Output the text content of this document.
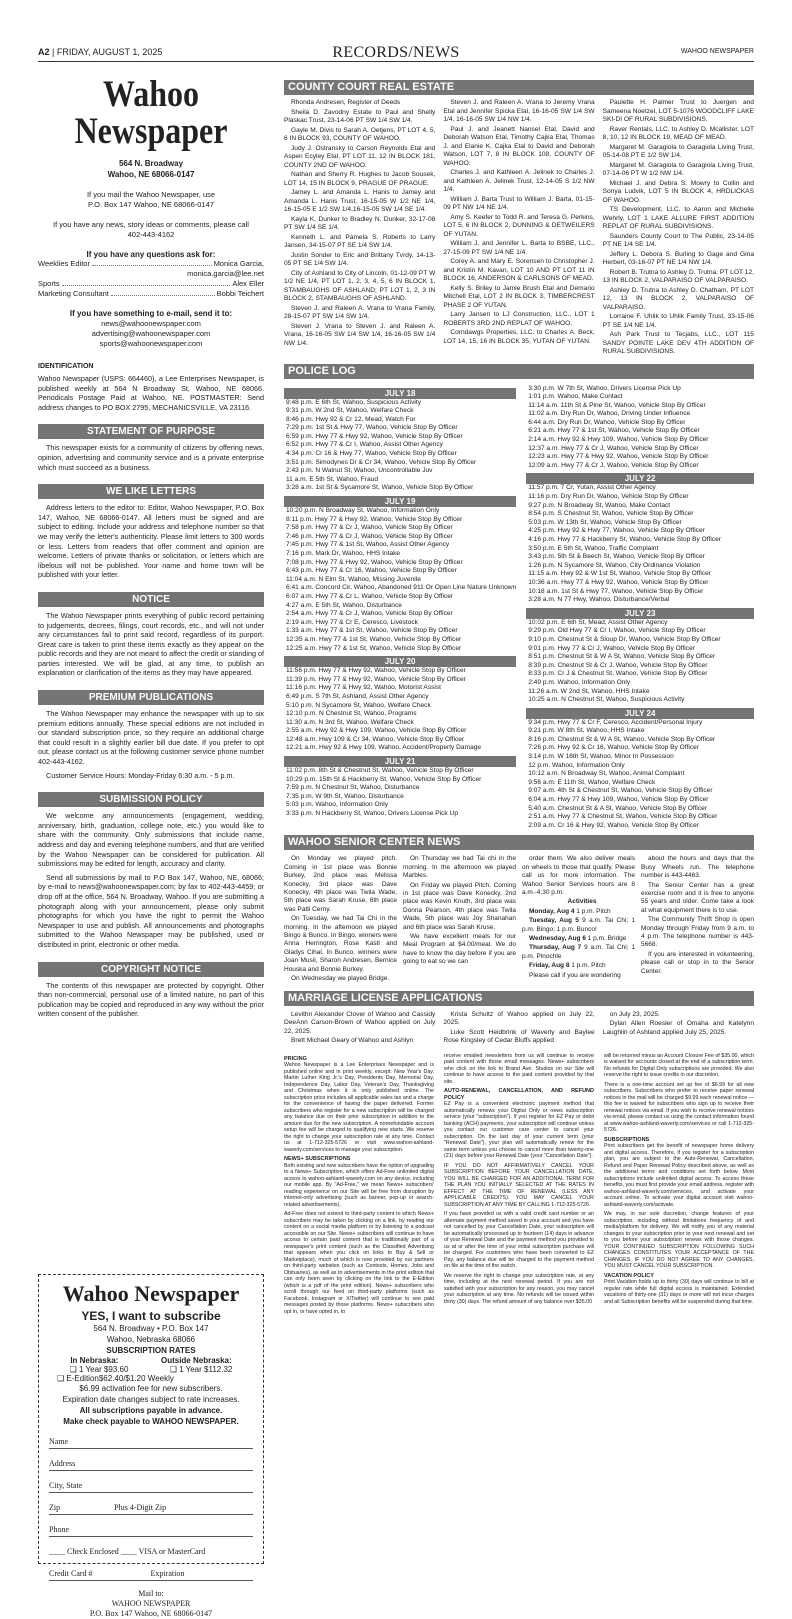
A2 | FRIDAY, AUGUST 1, 2025	RECORDS/NEWS	WAHOO NEWSPAPER
Wahoo Newspaper
564 N. Broadway
Wahoo, NE 68066-0147
If you mail the Wahoo Newspaper, use
P.O. Box 147 Wahoo, NE 68066-0147
If you have any news, story ideas or comments, please call
402-443-4162
If you have any questions ask for:
Weeklies Editor	Monica Garcia,
monica.garcia@lee.net
Sports	Alex Eller
Marketing Consultant	Bobbi Teichert
If you have something to e-mail, send it to:
news@wahoonewspaper.com
advertising@wahoonewspaper.com
sports@wahoonewspaper.com
IDENTIFICATION
Wahoo Newspaper (USPS: 664460), a Lee Enterprises Newspaper, is published weekly at 564 N Broadway St, Wahoo, NE 68066. Periodicals Postage Paid at Wahoo, NE. POSTMASTER: Send address changes to PO BOX 2795, MECHANICSVILLE, VA 23116.
STATEMENT OF PURPOSE
This newspaper exists for a community of citizens by offering news, opinion, advertising and community service and is a private enterprise which must succeed as a business.
WE LIKE LETTERS
Address letters to the editor to: Editor, Wahoo Newspaper, P.O. Box 147, Wahoo, NE 68066-0147. All letters must be signed and are subject to editing. Include your address and telephone number so that we may verify the letter's authenticity. Please limit letters to 300 words or less. Letters from readers that offer comment and opinion are welcome. Letters of private thanks or solicitation, or letters which are libelous will not be published. Your name and home town will be published with your letter.
NOTICE
The Wahoo Newspaper prints everything of public record pertaining to judgements, decrees, filings, court records, etc., and will not under any circumstances fail to print said record, regardless of its purport. Great care is taken to print these items exactly as they appear on the public records and they are not meant to affect the credit or standing of parties interested. We will be glad, at any time, to publish an explanation or clarification of the items as they may have appeared.
PREMIUM PUBLICATIONS
The Wahoo Newspaper may enhance the newspaper with up to six premium editions annually. These special editions are not included in our standard subscription price, so they require an additional charge that could result in a slightly earlier bill due date. If you prefer to opt out, please contact us at the following customer service phone number 402-443-4162.
Customer Service Hours: Monday-Friday 6:30 a.m. - 5 p.m.
SUBMISSION POLICY
We welcome any announcements (engagement, wedding, anniversary, birth, graduation, college note, etc.) you would like to share with the community. Only submissions that include name, address and day and evening telephone numbers, and that are verified by the Wahoo Newspaper can be considered for publication. All submissions may be edited for length, accuracy and clarity.
Send all submissions by mail to P.O Box 147, Wahoo, NE, 68066; by e-mail to news@wahoonewspaper.com; by fax to 402-443-4459; or drop off at the office, 564 N. Broadway, Wahoo. If you are submitting a photograph along with your announcement, please only submit photographs for which you have the right to permit the Wahoo Newspaper to use and publish. All announcements and photographs submitted to the Wahoo Newspaper may be published, used or distributed in print, electronic or other media.
COPYRIGHT NOTICE
The contents of this newspaper are protected by copyright. Other than non-commercial, personal use of a limited nature, no part of this publication may be copied and reproduced in any way without the prior written consent of the publisher.
Wahoo Newspaper
YES, I want to subscribe
564 N. Broadway • P.O. Box 147
Wahoo, Nebraska 68066
SUBSCRIPTION RATES
In Nebraska:	Outside Nebraska:
❑ 1 Year $93.60	❑ 1 Year $112.32
❑ E-Edition$62.40/$1.20 Weekly
$6.99 activation fee for new subscribers.
Expiration date changes subject to rate increases.
All subscriptions payable in advance.
Make check payable to WAHOO NEWSPAPER.
Name
Address
City, State
Zip	Plus 4-Digit Zip
Phone
____ Check Enclosed ____ VISA or MasterCard
Credit Card #	Expiration
Mail to:
WAHOO NEWSPAPER
P.O. Box 147 Wahoo, NE 68066-0147
COUNTY COURT REAL ESTATE

Rhonda Andresen, Register of Deeds

Sheila D. Zavodny Estate to Paul and Shelly Plaskac Trust, 23-14-06 PT SW 1/4 SW 1/4.

Gayle M. Divis to Sarah A. Oetjens, PT LOT 4, 5, 6 IN BLOCK 93, COUNTY OF WAHOO.

Judy J. Ostransky to Carson Reynolds Etal and Aspen Ecyley Etal, PT LOT 11, 12 IN BLOCK 181, COUNTY 2ND OF WAHOO.

Nathan and Sherry R. Hughes to Jacob Sousek, LOT 14, 15 IN BLOCK 9, PRAGUE OF PRAGUE.

Jamey L. and Amanda L. Hanis to Jamey and Amanda L. Hanis Trust, 16-15-05 W 1/2 NE 1/4, 16-15-05 E 1/2 SW 1/4,16-15-05 SW 1/4 SE 1/4.

Kayla K. Dunker to Bradley N. Dunker, 32-17-08 PT SW 1/4 SE 1/4.

Kenneth L. and Pamela S. Roberts to Larry Jansen, 34-15-07 PT SE 1/4 SW 1/4.

Justin Sonder to Eric and Brittany Tvrdy, 14-13-05 PT SE 1/4 SW 1/4.

City of Ashland to City of Lincoln, 01-12-09 PT W 1/2 NE 1/4, PT LOT 1, 2, 3, 4, 5, 6 IN BLOCK 1, STAMBAUGHS OF ASHLAND; PT LOT 1, 2, 3 IN BLOCK 2, STAMBAUGHS OF ASHLAND.

Steven J. and Raleen A. Vrana to Vrana Family, 28-15-07 PT SW 1/4 SW 1/4.

Steven J. Vrana to Steven J. and Raleen A. Vrana, 16-16-05 SW 1/4 SW 1/4, 16-16-05 SW 1/4 NW 1/4.

Steven J. and Raleen A. Vrana to Jeremy Vrana Etal and Jennifer Spicka Etal, 16-16-05 SW 1/4 SW 1/4, 16-16-05 SW 1/4 NW 1/4.

Paul J. and Jeanett Nansel Etal, David and Deborah Watson Etal, Timothy Cajka Etal, Thomas J. and Elanie K. Cajka Etal to David and Deborah Watson, LOT 7, 8 IN BLOCK 108, COUNTY OF WAHOO.

Charles J. and Kathleen A. Jelinek to Charles J. and Kathleen A. Jelinek Trust, 12-14-05 S 1/2 NW 1/4.

William J. Barta Trust to William J. Barta, 01-15-09 PT NW 1/4 NE 1/4.

Amy S. Keefer to Todd R. and Teresa G. Perkins, LOT 5, 6 IN BLOCK 2, DUNNING & DETWEILERS OF YUTAN.

William J. and Jennifer L. Barta to BSBE, LLC., 27-15-09 PT SW 1/4 NE 1/4.

Corey A. and Mary E. Sorensen to Christopher J. and Kristin M. Kavan, LOT 10 AND PT LOT 11 IN BLOCK 16, ANDERSON & CARLSONS OF MEAD.

Kelly S. Briley to Jamie Brush Etal and Demario Mitchell Etal, LOT 2 IN BLOCK 3, TIMBERCREST PHASE 2 OF YUTAN.

Larry Jansen to LJ Construction, LLC., LOT 1 ROBERTS 3RD 2ND REPLAT OF WAHOO.

Corndawgs Properties, LLC. to Charles A. Beck, LOT 14, 15, 16 IN BLOCK 35, YUTAN OF YUTAN.

Paulette H. Palmer Trust to Juergen and Sameena Noetzel, LOT 5-1076 WOODCLIFF LAKE SKI-DI OF RURAL SUBDIVISIONS.

Raver Rentals, LLC. to Ashley D. Mcallister, LOT 8, 10, 12 IN BLOCK 19, MEAD OF MEAD.

Margaret M. Garagiola to Garagiola Living Trust, 05-14-08 PT E 1/2 SW 1/4.

Margaret M. Garagiola to Garagiola Living Trust, 07-14-06 PT W 1/2 NW 1/4.

Michael J. and Debra S. Mowry to Collin and Sonya Ludvik, LOT 5 IN BLOCK 4, HRDLICKAS OF WAHOO.

TS Development, LLC. to Aaron and Michelle Wehrly, LOT 1 LAKE ALLURE FIRST ADDITION REPLAT OF RURAL SUBDIVISIONS.

Saunders County Court to The Public, 23-14-05 PT NE 1/4 SE 1/4.

Jeffery L. Debora S. Burling to Gage and Gina Herbert, 03-16-07 PT NE 1/4 NW 1/4.

Robert B. Trutna to Ashley D. Trutna, PT LOT 12, 13 IN BLOCK 2, VALPARAISO OF VALPARAISO.

Ashley D. Trutna to Ashley D. Chatham, PT LOT 12, 13 IN BLOCK 2, VALPARAISO OF VALPARAISO.

Lorraine F. Uhlik to Uhlik Family Trust, 33-15-06 PT SE 1/4 NE 1/4.

Ash Park Trust to Tecjabs, LLC., LOT 115 SANDY POINTE LAKE DEV 4TH ADDITION OF RURAL SUBDIVISIONS.

POLICE LOG
JULY 18
9:48 p.m. E 6th St, Wahoo, Suspicious Activity
9:31 p.m. W 2nd St, Wahoo, Welfare Check
8:46 p.m. Hwy 92 & Cr 12, Mead, Watch For
7:29 p.m. 1st St & Hwy 77, Wahoo, Vehicle Stop By Officer
6:59 p.m. Hwy 77 & Hwy 92, Wahoo, Vehicle Stop By Officer
6:52 p.m. Hwy 77 & Cr I, Wahoo, Assist Other Agency
4:34 p.m. Cr 16 & Hwy 77, Wahoo, Vehicle Stop By Officer
3:51 p.m. Simodynes Dr & Cr 34, Wahoo, Vehicle Stop By Officer
2:43 p.m. N Walnut St, Wahoo, Uncontrollable Juv
11 a.m. E 5th St, Wahoo, Fraud
3:28 a.m. 1st St & Sycamore St, Wahoo, Vehicle Stop By Officer
JULY 19
10:20 p.m. N Broadway St, Wahoo, Information Only
8:11 p.m. Hwy 77 & Hwy 92, Wahoo, Vehicle Stop By Officer
7:58 p.m. Hwy 77 & Cr J, Wahoo, Vehicle Stop By Officer
7:46 p.m. Hwy 77 & Cr J, Wahoo, Vehicle Stop By Officer
7:45 p.m. Hwy 77 & 1st St, Wahoo, Assist Other Agency
7:16 p.m. Mark Dr, Wahoo, HHS Intake
7:08 p.m. Hwy 77 & Hwy 92, Wahoo, Vehicle Stop By Officer
6:43 p.m. Hwy 77 & Cr 16, Wahoo, Vehicle Stop By Officer
11:04 a.m. N Elm St, Wahoo, Missing Juvenile
6:41 a.m. Concord Cir, Wahoo, Abandoned 911 Or Open Line Nature Unknown
6:07 a.m. Hwy 77 & Cr L, Wahoo, Vehicle Stop By Officer
4:27 a.m. E 5th St, Wahoo, Disturbance
2:54 a.m. Hwy 77 & Cr J, Wahoo, Vehicle Stop By Officer
2:19 a.m. Hwy 77 & Cr E, Ceresco, Livestock
1:33 a.m. Hwy 77 & 1st St, Wahoo, Vehicle Stop By Officer
12:35 a.m. Hwy 77 & 1st St, Wahoo, Vehicle Stop By Officer
12:25 a.m. Hwy 77 & 1st St, Wahoo, Vehicle Stop By Officer
JULY 20
11:56 p.m. Hwy 77 & Hwy 92, Wahoo, Vehicle Stop By Officer
11:39 p.m. Hwy 77 & Hwy 92, Wahoo, Vehicle Stop By Officer
11:16 p.m. Hwy 77 & Hwy 92, Wahoo, Motorist Assist
6:49 p.m. S 7th St, Ashland, Assist Other Agency
5:10 p.m. N Sycamore St, Wahoo, Welfare Check
12:10 p.m. N Chestnut St, Wahoo, Programs
11:30 a.m. N 3rd St, Wahoo, Welfare Check
2:55 a.m. Hwy 92 & Hwy 109, Wahoo, Vehicle Stop By Officer
12:48 a.m. Hwy 109 & Cr 34, Wahoo, Vehicle Stop By Officer
12:21 a.m. Hwy 92 & Hwy 109, Wahoo, Accident/Property Damage
JULY 21
11:02 p.m. 8th St & Chestnut St, Wahoo, Vehicle Stop By Officer
10:29 p.m. 15th St & Hackberry St, Wahoo, Vehicle Stop By Officer
7:59 p.m. N Chestnut St, Wahoo, Disturbance
7:35 p.m. W 9th St, Wahoo, Disturbance
5:03 p.m. Wahoo, Information Only
3:33 p.m. N Hackberry St, Wahoo, Drivers License Pick Up
3:30 p.m. W 7th St, Wahoo, Drivers License Pick Up
1:01 p.m. Wahoo, Make Contact
11:14 a.m. 11th St & Pine St, Wahoo, Vehicle Stop By Officer
11:02 a.m. Dry Run Dr, Wahoo, Driving Under Influence
6:44 a.m. Dry Run Dr, Wahoo, Vehicle Stop By Officer
6:21 a.m. Hwy 77 & 1st St, Wahoo, Vehicle Stop By Officer
2:14 a.m. Hwy 92 & Hwy 109, Wahoo, Vehicle Stop By Officer
12:37 a.m. Hwy 77 & Cr J, Wahoo, Vehicle Stop By Officer
12:23 a.m. Hwy 77 & Hwy 92, Wahoo, Vehicle Stop By Officer
12:09 a.m. Hwy 77 & Cr J, Wahoo, Vehicle Stop By Officer
JULY 22
11:57 p.m. 7 Cr, Yutan, Assist Other Agency
11:16 p.m. Dry Run Dr, Wahoo, Vehicle Stop By Officer
9:27 p.m. N Broadway St, Wahoo, Make Contact
8:54 p.m. S Chestnut St, Wahoo, Vehicle Stop By Officer
5:03 p.m. W 13th St, Wahoo, Vehicle Stop By Officer
4:25 p.m. Hwy 92 & Hwy 77, Wahoo, Vehicle Stop By Officer
4:16 p.m. Hwy 77 & Hackberry St, Wahoo, Vehicle Stop By Officer
3:50 p.m. E 5th St, Wahoo, Traffic Complaint
3:43 p.m. 5th St & Beech St, Wahoo, Vehicle Stop By Officer
1:26 p.m. N Sycamore St, Wahoo, City Ordinance Violation
11:15 a.m. Hwy 92 & W 1st St, Wahoo, Vehicle Stop By Officer
10:36 a.m. Hwy 77 & Hwy 92, Wahoo, Vehicle Stop By Officer
10:18 a.m. 1st St & Hwy 77, Wahoo, Vehicle Stop By Officer
3:28 a.m. N 77 Hwy, Wahoo, Disturbance/Verbal
JULY 23
10:02 p.m. E 6th St, Mead, Assist Other Agency
9:29 p.m. Old Hwy 77 & Cr I, Wahoo, Vehicle Stop By Officer
9:10 p.m. Chestnut St & Sloup Dr, Wahoo, Vehicle Stop By Officer
9:01 p.m. Hwy 77 & Cr J, Wahoo, Vehicle Stop By Officer
8:51 p.m. Chestnut St & W A St, Wahoo, Vehicle Stop By Officer
8:39 p.m. Chestnut St & Cr J, Wahoo, Vehicle Stop By Officer
8:33 p.m. Cr J & Chestnut St, Wahoo, Vehicle Stop By Officer
2:49 p.m. Wahoo, Information Only
11:26 a.m. W 2nd St, Wahoo, HHS Intake
10:25 a.m. N Chestnut St, Wahoo, Suspicious Activity
JULY 24
9:34 p.m. Hwy 77 & Cr F, Ceresco, Accident/Personal Injury
9:21 p.m. W 8th St, Wahoo, HHS Intake
8:16 p.m. Chestnut St & W A St, Wahoo, Vehicle Stop By Officer
7:26 p.m. Hwy 92 & Cr 16, Wahoo, Vehicle Stop By Officer
3:14 p.m. W 16th St, Wahoo, Minor In Possession
12 p.m. Wahoo, Information Only
10:12 a.m. N Broadway St, Wahoo, Animal Complaint
9:56 a.m. E 11th St, Wahoo, Welfare Check
9:07 a.m. 4th St & Chestnut St, Wahoo, Vehicle Stop By Officer
6:04 a.m. Hwy 77 & Hwy 109, Wahoo, Vehicle Stop By Officer
5:40 a.m. Chestnut St & A St, Wahoo, Vehicle Stop By Officer
2:51 a.m. Hwy 77 & Chestnut St, Wahoo, Vehicle Stop By Officer
2:09 a.m. Cr 16 & Hwy 92, Wahoo, Vehicle Stop By Officer
WAHOO SENIOR CENTER NEWS

On Monday we played pitch. Coming in 1st place was Bonnie Burkey, 2nd place was Melissa Konecky, 3rd place was Dave Konecky, 4th place was Twila Wade, 5th place was Sarah Kruse, 6th place was Patti Cerny.

On Tuesday, we had Tai Chi in the morning. In the afternoon we played Bingo & Bunco. In Bingo, winners were Anna Herrington, Rose Kastl and Gladys Cihal. In Bunco, winners were Joan Musil, Sharon Andresen, Bernice Houska and Bonnie Burkey.

On Wednesday we played Bridge.

On Thursday we had Tai chi in the morning. In the afternoon we played Marbles.

On Friday we played Pitch. Coming in 1st place was Dave Konecky, 2nd place was Kevin Knuth, 3rd place was Donna Pearson, 4th place was Twila Wade, 5th place was Joy Shanahan and 6th place was Sarah Kruse.

We have excellent meals for our Meal Program at $4.00/meal. We do have to know the day before if you are going to eat so we can

order them. We also deliver meals on wheels to those that qualify. Please call us for more information. The Wahoo Senior Services hours are 8 a.m.-4:30 p.m.

Activities

Monday, Aug 4 1 p.m. Pitch

Tuesday, Aug 5 9 a.m. Tai Chi; 1 p.m. Bingo; 1 p.m. Bunco!

Wednesday, Aug 6 1 p.m. Bridge

Thursday, Aug 7 9 a.m. Tai Chi; 1 p.m. Pinochle

Friday, Aug 8 1 p.m. Pitch

Please call if you are wondering

about the hours and days that the Busy Wheels run. The telephone number is 443-4463.

The Senior Center has a great exercise room and it is free to anyone 55 years and older. Come take a look at what equipment there is to use.

The Community Thrift Shop is open Monday through Friday from 9 a.m. to 4 p.m. The telephone number is 443-5668.

If you are interested in volunteering, please call or stop in to the Senior Center.

MARRIAGE LICENSE APPLICATIONS

Levithn Alexander Clover of Wahoo and Cassidy DeeAnn Carson-Brown of Wahoo applied on July 22, 2025.

Brett Michael Geary of Wahoo and Ashlyn

Krista Schultz of Wahoo applied on July 22, 2025.

Luke Scott Heidbrink of Waverly and Baylee Rose Kingsley of Cedar Bluffs applied

on July 23, 2025.

Dylan Allen Roesler of Omaha and Katelynn Laughlin of Ashland applied July 25, 2025.

PRICING

Wahoo Newspaper is a Lee Enterprises Newspaper and is published online and in print weekly, except: New Year's Day, Martin Luther King Jr.'s Day, Presidents Day, Memorial Day, Independence Day, Labor Day, Veteran's Day, Thanksgiving and Christmas when it is only published online. The subscription price includes all applicable sales tax and a charge for the convenience of having the paper delivered. Former subscribers who register for a new subscription will be charged any balance due on their prior subscription in addition to the amount due for the new subscription. A nonrefundable account setup fee will be charged to qualifying new starts. We reserve the right to change your subscription rate at any time. Contact us at 1-712-325-5726 or visit www.wahoo-ashland-waverly.com/services to manage your subscription.

NEWS+ SUBSCRIPTIONS

Both existing and new subscribers have the option of upgrading to a News+ Subscription, which offers Ad-Free unlimited digital access to wahoo-ashland-waverly.com on any device, including our mobile app. By "Ad-Free," we mean News+ subscribers' reading experience on our Site will be free from disruption by internet-only advertising (such as banner, pop-up or search-related advertisements).

Ad-Free does not extend to third-party content to which News+ subscribers may be taken by clicking on a link, by reading our content on a social media platform or by listening to a podcast accessible on our Site. News+ subscribers will continue to have access to certain paid content that is traditionally part of a newspaper's print content (such as the Classified Advertising that appears when you click on links to Buy & Sell or Marketplace), much of which is now provided by our partners on third-party websites (such as Contests, Homes, Jobs and Obituaries), as well as to advertisements in the print edition that can only been seen by clicking on the link to the E-Edition (which is a pdf of the print edition). News+ subscribers who scroll through our feed on third-party platforms (such as Facebook, Instagram or X/Twitter) will continue to see paid messages posted by those platforms. News+ subscribers who opt in, or have opted in, to

receive emailed newsletters from us will continue to receive paid content with those email messages. News+ subscribers who click on the link to Brand Ave. Studios on our Site will continue to have access to the paid content provided by that site.

AUTO-RENEWAL, CANCELLATION, AND REFUND POLICY

EZ Pay is a convenient electronic payment method that automatically renews your Digital Only or news subscription service (your "subscription"). If you register for EZ Pay or debit banking (ACH) payments, your subscription will continue unless you contact our customer care center to cancel your subscription. On the last day of your current term (your "Renewal Date"), your plan will automatically renew for the same term unless you choose to cancel more than twenty-one (21) days before your Renewal Date (your "Cancellation Date").

IF YOU DO NOT AFFIRMATIVELY CANCEL YOUR SUBSCRIPTION BEFORE YOUR CANCELLATION DATE, YOU WILL BE CHARGED FOR AN ADDITIONAL TERM FOR THE PLAN YOU INITIALLY SELECTED AT THE RATES IN EFFECT AT THE TIME OF RENEWAL (LESS ANY APPLICABLE CREDITS). YOU MAY CANCEL YOUR SUBSCRIPTION AT ANY TIME BY CALLING 1-712-325-5726.

If you have provided us with a valid credit card number or an alternate payment method saved in your account and you have not cancelled by your Cancellation Date, your subscription will be automatically processed up to fourteen (14) days in advance of your Renewal Date and the payment method you provided to us at or after the time of your initial subscription purchase will be charged. For customers who have been converted to EZ Pay, any balance due will be charged to the payment method on file at the time of the switch.

We reserve the right to change your subscription rate, at any time, including at the next renewal period. If you are not satisfied with your subscription for any reason, you may cancel your subscription at any time. No refunds will be issued within thirty (30) days. The refund amount of any balance over $35.00

will be returned minus an Account Closure Fee of $35.00, which is waived for accounts closed at the end of a subscription term. No refunds for Digital Only subscriptions are provided. We also reserve the right to issue credits in our discretion.

There is a one-time account set up fee of $6.99 for all new subscribers. Subscribers who prefer to receive paper renewal notices in the mail will be charged $9.99 each renewal notice — this fee is waived for subscribers who sign up to receive their renewal notices via email. If you wish to receive renewal notices via email, please contact us using the contact information found at www.wahoo-ashland-waverly.com/services or call 1-712-325-5726.

SUBSCRIPTIONS

Print subscribers get the benefit of newspaper home delivery and digital access. Therefore, if you register for a subscription plan, you are subject to the Auto-Renewal, Cancellation, Refund and Paper Renewal Policy described above, as well as the additional terms and conditions set forth below. Most subscriptions include unlimited digital access. To access these benefits, you must first provide your email address, register with wahoo-ashland-waverly.com/services, and activate your account online. To activate your digital account visit wahoo-ashland-waverly.com/activate.

We may, in our sole discretion, change features of your subscription, including without limitations frequency of and media/platform for delivery. We will notify you of any material changes to your subscription prior to your next renewal and set to you before your subscription renews with those changes. YOUR CONTINUED SUBSCRIPTION FOLLOWING SUCH CHANGES CONSTITUTES YOUR ACCEPTANCE OF THE CHANGES. IF YOU DO NOT AGREE TO ANY CHANGES, YOU MUST CANCEL YOUR SUBSCRIPTION.

VACATION POLICY

Print Vacation holds up to thirty (30) days will continue to bill at regular rate while full digital access is maintained. Extended vacations of thirty-one (31) days or more will not incur charges and all Subscription benefits will be suspended during that time.
